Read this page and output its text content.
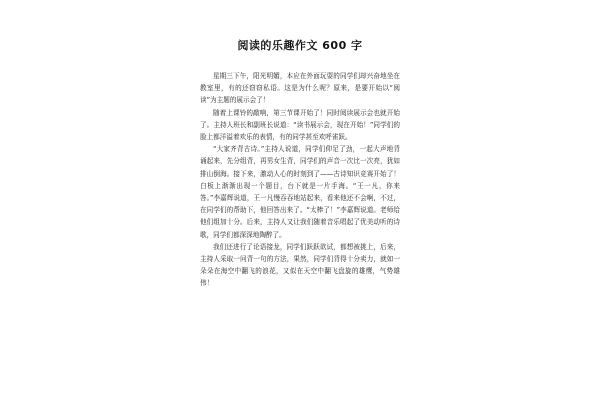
阅读的乐趣作文 600 字

星期三下午，阳光明媚，本应在外面玩耍的同学们却兴奋地坐在教室里，有的还窃窃私语。这是为什么呢？原来，是要开始以“阅读”为主题的展示会了！

随着上课铃的敲响，第三节课开始了！同时阅读展示会也就开始了。主持人班长和副班长说道：“读书展示会，现在开始！”同学们的脸上都洋溢着欢乐的表情，有的同学甚至欢呼雀跃。

“大家齐背古诗。”主持人说道，同学们仰足了劲，一起大声地背诵起来，先分组背，再男女生背，同学们的声音一次比一次亮，犹如排山倒海。接下来，激动人心的时刻到了——古诗知识竞赛开始了！白板上渐渐出现一个题目，台下就是一片手海。“王一凡，你来答。”李嘉辉说道，王一凡慢吞吞地站起来，看来他还不会啊，不过，在同学们的帮助下，他回答出来了。“太棒了！”李嘉辉说道。老师给他们组加十分。后来，主持人又让我们随着音乐唱起了优美动听的诗歌，同学们都深深地陶醉了。

我们还进行了论语接龙，同学们跃跃欲试，都想被挑上，后来，主持人采取一问背一句的方法，果然，同学们背得十分卖力，就如一朵朵在海空中翻飞的浪花，又似在天空中翻飞盘旋的雄鹰，气势雄伟！
